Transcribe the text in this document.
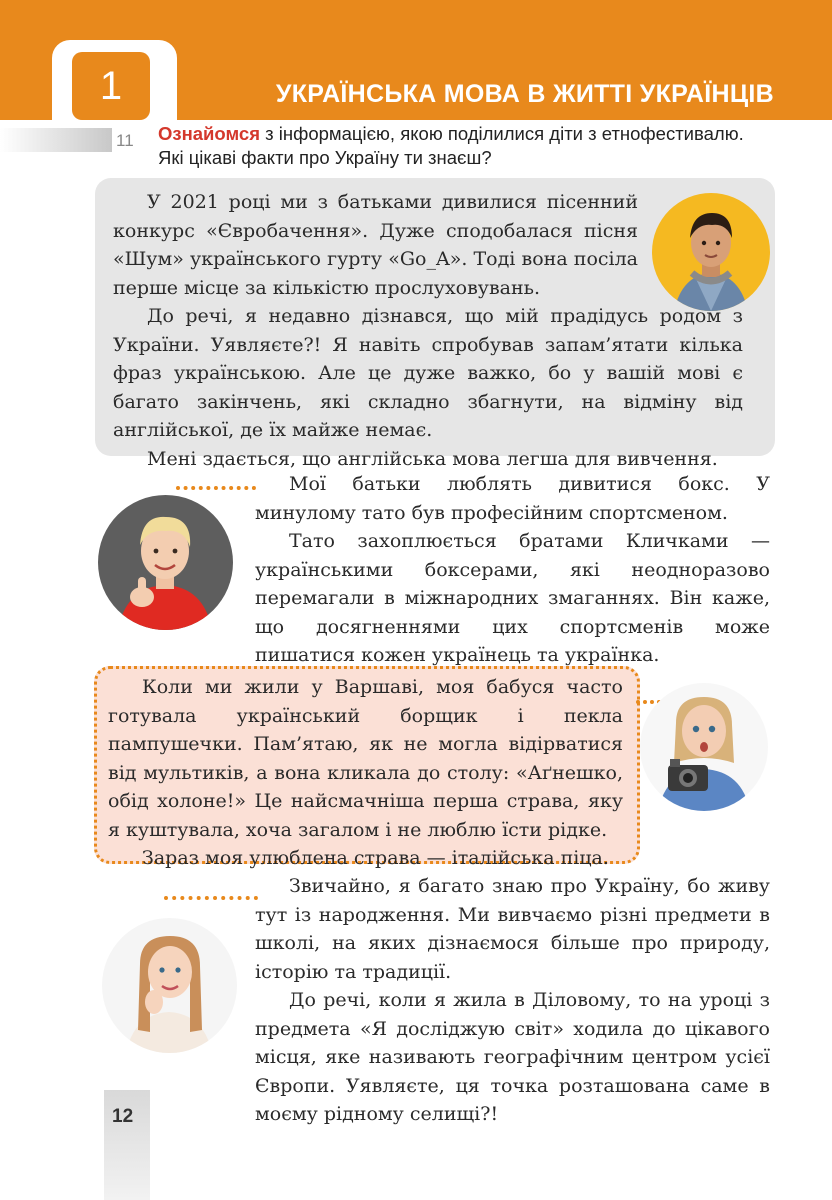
1	УКРАЇНСЬКА МОВА В ЖИТТІ УКРАЇНЦІВ
11 Ознайомся з інформацією, якою поділилися діти з етнофестивалю. Які цікаві факти про Україну ти знаєш?

У 2021 році ми з батьками дивилися пісенний конкурс «Євробачення». Дуже сподобалася пісня «Шум» українського гурту «Go_A». Тоді вона посіла перше місце за кількістю прослуховувань.

До речі, я недавно дізнався, що мій прадідусь родом з України. Уявляєте?! Я навіть спробував запам’ятати кілька фраз українською. Але це дуже важко, бо у вашій мові є багато закінчень, які складно збагнути, на відміну від англійської, де їх майже немає.

Мені здається, що англійська мова легша для вивчення.

Мої батьки люблять дивитися бокс. У минулому тато був професійним спортсменом.

Тато захоплюється братами Кличками — українськими боксерами, які неодноразово перемагали в міжнародних змаганнях. Він каже, що досягненнями цих спортсменів може пишатися кожен українець та українка.

Коли ми жили у Варшаві, моя бабуся часто готувала український борщик і пекла пампушечки. Пам’ятаю, як не могла відірватися від мультиків, а вона кликала до столу: «Аґнешко, обід холоне!» Це найсмачніша перша страва, яку я куштувала, хоча загалом і не люблю їсти рідке.

Зараз моя улюблена страва — італійська піца.

Звичайно, я багато знаю про Україну, бо живу тут із народження. Ми вивчаємо різні предмети в школі, на яких дізнаємося більше про природу, історію та традиції.

До речі, коли я жила в Діловому, то на уроці з предмета «Я досліджую світ» ходила до цікавого місця, яке називають географічним центром усієї Європи. Уявляєте, ця точка розташована саме в моєму рідному селищі?!

12
